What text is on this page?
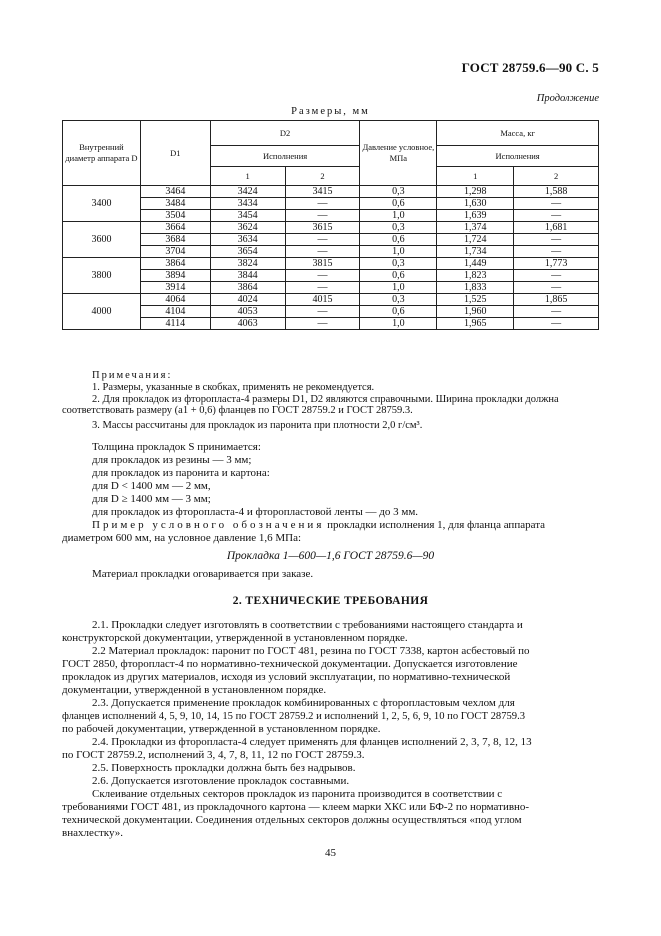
ГОСТ 28759.6—90 С. 5
Продолжение
Размеры, мм
Внутренний диаметр аппарата D	D1	D2		Давление условное, МПа	Масса, кг	
		Исполнения			Исполнения	
		1	2		1	2
3400	3464	3424	3415	0,3	1,298	1,588
	3484	3434	—	0,6	1,630	—
	3504	3454	—	1,0	1,639	—
3600	3664	3624	3615	0,3	1,374	1,681
	3684	3634	—	0,6	1,724	—
	3704	3654	—	1,0	1,734	—
3800	3864	3824	3815	0,3	1,449	1,773
	3894	3844	—	0,6	1,823	—
	3914	3864	—	1,0	1,833	—
4000	4064	4024	4015	0,3	1,525	1,865
	4104	4053	—	0,6	1,960	—
	4114	4063	—	1,0	1,965	—
Примечания:
1. Размеры, указанные в скобках, применять не рекомендуется.
2. Для прокладок из фторопласта-4 размеры D1, D2 являются справочными. Ширина прокладки должна
соответствовать размеру (a1 + 0,6) фланцев по ГОСТ 28759.2 и ГОСТ 28759.3.
3. Массы рассчитаны для прокладок из паронита при плотности 2,0 г/см³.
Толщина прокладок S принимается:
для прокладок из резины — 3 мм;
для прокладок из паронита и картона:
для D < 1400 мм — 2 мм,
для D ≥ 1400 мм — 3 мм;
для прокладок из фторопласта-4 и фторопластовой ленты — до 3 мм.
Пример условного обозначения прокладки исполнения 1, для фланца аппарата
диаметром 600 мм, на условное давление 1,6 МПа:
Прокладка 1—600—1,6 ГОСТ 28759.6—90
Материал прокладки оговаривается при заказе.
2. ТЕХНИЧЕСКИЕ ТРЕБОВАНИЯ
2.1. Прокладки следует изготовлять в соответствии с требованиями настоящего стандарта и
конструкторской документации, утвержденной в установленном порядке.
2.2 Материал прокладок: паронит по ГОСТ 481, резина по ГОСТ 7338, картон асбестовый по
ГОСТ 2850, фторопласт-4 по нормативно-технической документации. Допускается изготовление
прокладок из других материалов, исходя из условий эксплуатации, по нормативно-технической
документации, утвержденной в установленном порядке.
2.3. Допускается применение прокладок комбинированных с фторопластовым чехлом для
фланцев исполнений 4, 5, 9, 10, 14, 15 по ГОСТ 28759.2 и исполнений 1, 2, 5, 6, 9, 10 по ГОСТ 28759.3
по рабочей документации, утвержденной в установленном порядке.
2.4. Прокладки из фторопласта-4 следует применять для фланцев исполнений 2, 3, 7, 8, 12, 13
по ГОСТ 28759.2, исполнений 3, 4, 7, 8, 11, 12 по ГОСТ 28759.3.
2.5. Поверхность прокладки должна быть без надрывов.
2.6. Допускается изготовление прокладок составными.
Склеивание отдельных секторов прокладок из паронита производится в соответствии с
требованиями ГОСТ 481, из прокладочного картона — клеем марки ХКС или БФ-2 по нормативно-
технической документации. Соединения отдельных секторов должны осуществляться «под углом
внахлестку».
45
